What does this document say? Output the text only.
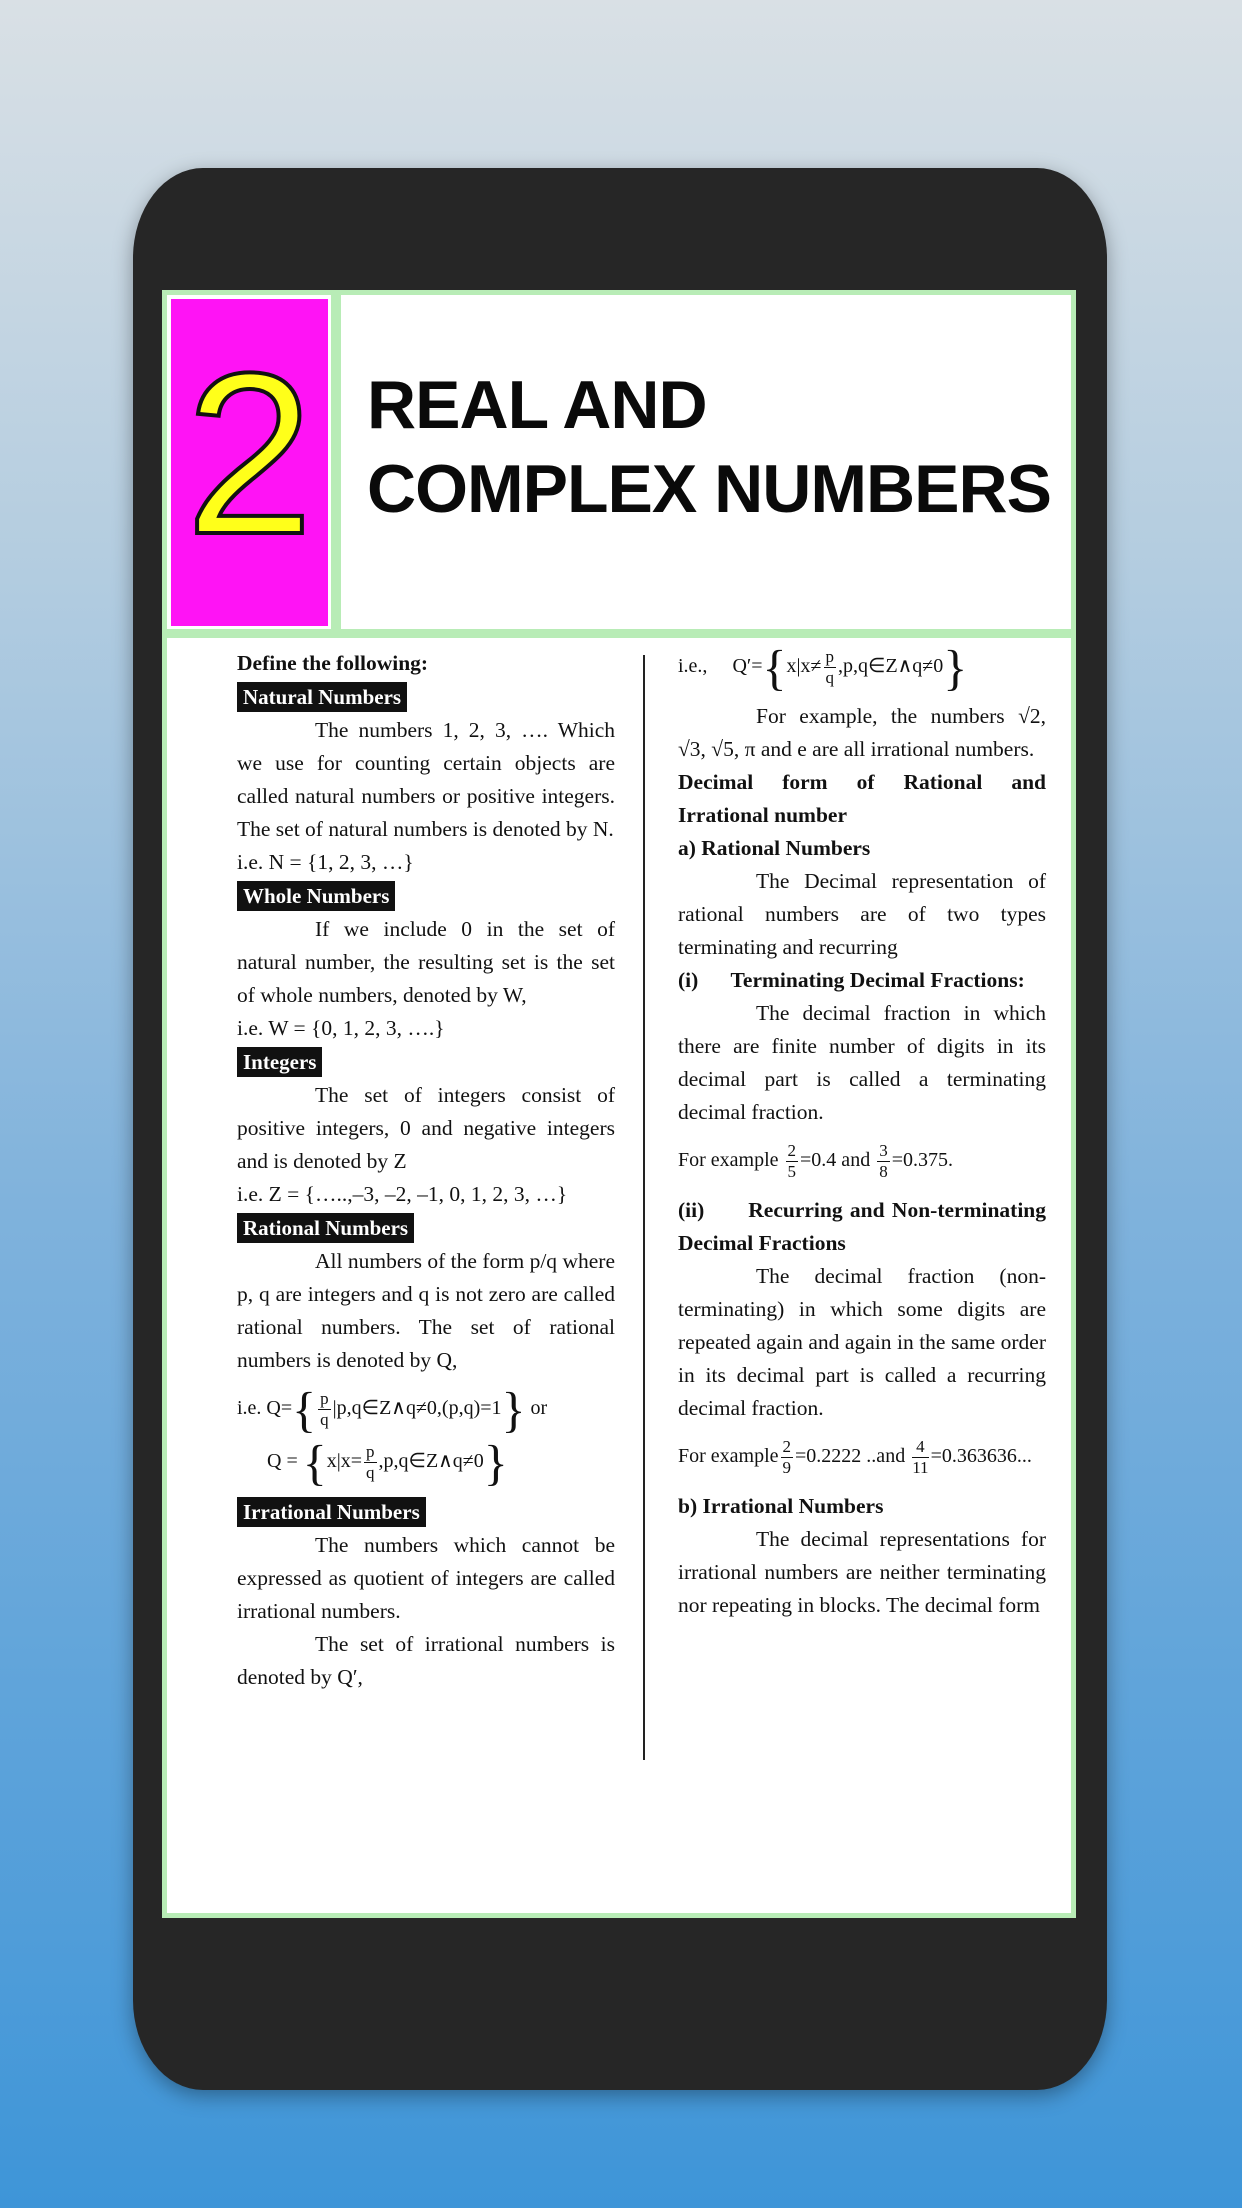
2 REAL AND
COMPLEX NUMBERS

Define the following:

Natural Numbers

The numbers 1, 2, 3, …. Which we use for counting certain objects are called natural numbers or positive integers. The set of natural numbers is denoted by N.

i.e. N = {1, 2, 3, …}

Whole Numbers

If we include 0 in the set of natural number, the resulting set is the set of whole numbers, denoted by W,

i.e. W = {0, 1, 2, 3, ….}

Integers

The set of integers consist of positive integers, 0 and negative integers and is denoted by Z

i.e. Z = {…..,–3, –2, –1, 0, 1, 2, 3, …}

Rational Numbers

All numbers of the form p/q where p, q are integers and q is not zero are called rational numbers. The set of rational numbers is denoted by Q,

i.e. $Q=\{ \frac{p}{q}$ |p,q∈Z∧q≠0,(p,q)=1} or
$Q = \{x|x= \frac{p}{q}$ ,p,q∈Z∧q≠0}
Irrational Numbers

The numbers which cannot be expressed as quotient of integers are called irrational numbers.

The set of irrational numbers is denoted by Q′,

i.e., $Q'=\{x|x\ne \frac{p}{q}$ ,p,q∈Z∧q≠0}

For example, the numbers √2, √3, √5, π and e are all irrational numbers.

Decimal form of Rational and Irrational number

a) Rational Numbers

The Decimal representation of rational numbers are of two types terminating and recurring

(i) Terminating Decimal Fractions:

The decimal fraction in which there are finite number of digits in its decimal part is called a terminating decimal fraction.

For example $\frac{2}{5} =0.4$ and $\frac{3}{8} =0.375$.

(ii) Recurring and Non-terminating Decimal Fractions

The decimal fraction (non-terminating) in which some digits are repeated again and again in the same order in its decimal part is called a recurring decimal fraction.

For example $\frac{2}{9} =0.2222$ $..and \frac{4}{11} =0.363636$...

b) Irrational Numbers

The decimal representations for irrational numbers are neither terminating nor repeating in blocks. The decimal form
